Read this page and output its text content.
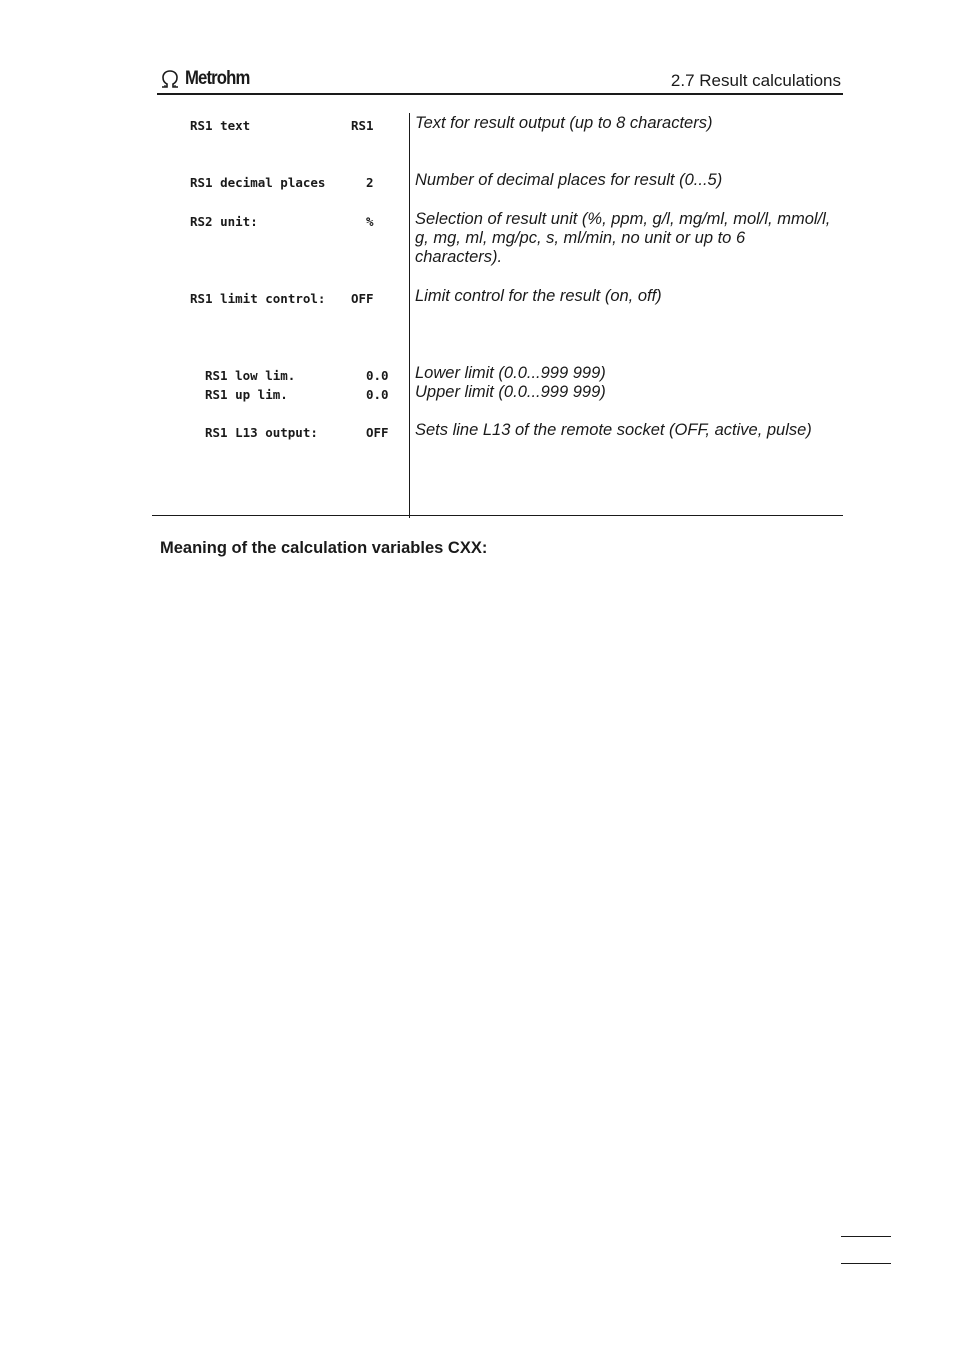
Metrohm	2.7 Result calculations
RS1 text	RS1	Text for result output (up to 8 characters)
RS1 decimal places	2	Number of decimal places for result (0...5)
RS2 unit:	%	Selection of result unit (%, ppm, g/l, mg/ml, mol/l, mmol/l, g, mg, ml, mg/pc, s, ml/min, no unit or up to 6 characters).
RS1 limit control: OFF	Limit control for the result (on, off)
RS1 low lim.	0.0 Lower limit (0.0...999 999)
RS1 up lim.	0.0 Upper limit (0.0...999 999)
RS1 L13 output:	OFF Sets line L13 of the remote socket (OFF, active, pulse)
Meaning of the calculation variables CXX:
